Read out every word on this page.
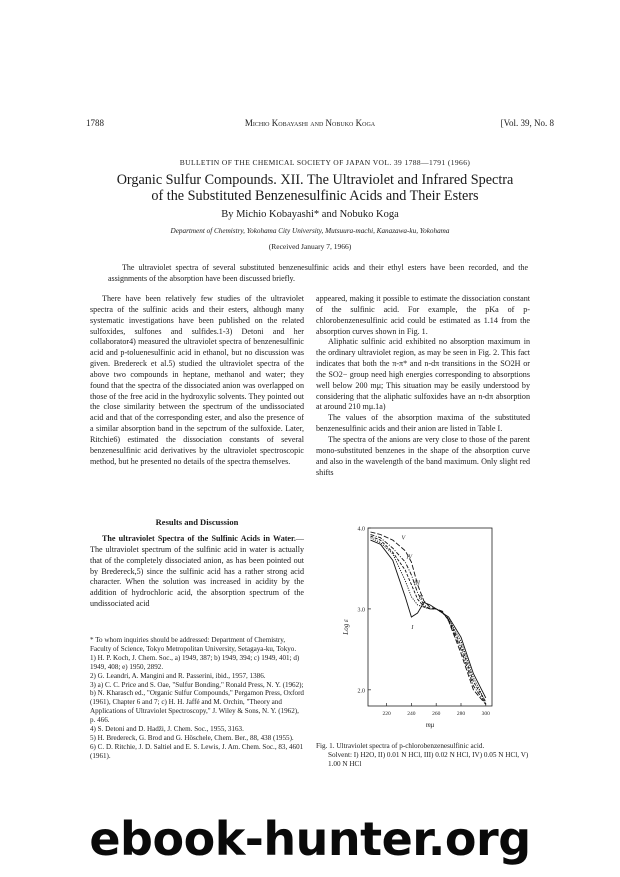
1788	Michio Kobayashi and Nobuko Koga	[Vol. 39, No. 8
BULLETIN OF THE CHEMICAL SOCIETY OF JAPAN VOL. 39 1788—1791 (1966)
Organic Sulfur Compounds. XII. The Ultraviolet and Infrared Spectra
of the Substituted Benzenesulfinic Acids and Their Esters
By Michio Kobayashi* and Nobuko Koga
Department of Chemistry, Yokohama City University, Mutsuura-machi, Kanazawa-ku, Yokohama
(Received January 7, 1966)
The ultraviolet spectra of several substituted benzenesulfinic acids and their ethyl esters have been recorded, and the assignments of the absorption have been discussed briefly.

There have been relatively few studies of the ultraviolet spectra of the sulfinic acids and their esters, although many systematic investigations have been published on the related sulfoxides, sulfones and sulfides.1-3) Detoni and her collaborator4) measured the ultraviolet spectra of benzenesulfinic acid and p-toluenesulfinic acid in ethanol, but no discussion was given. Bredereck et al.5) studied the ultraviolet spectra of the above two compounds in heptane, methanol and water; they found that the spectra of the dissociated anion was overlapped on those of the free acid in the hydroxylic solvents. They pointed out the close similarity between the spectrum of the undissociated acid and that of the corresponding ester, and also the presence of a similar absorption band in the sepctrum of the sulfoxide. Later, Ritchie6) estimated the dissociation constants of several benzenesulfinic acid derivatives by the ultraviolet spectroscopic method, but he presented no details of the spectra themselves.

Results and Discussion

The ultraviolet Spectra of the Sulfinic Acids in Water.—The ultraviolet spectrum of the sulfinic acid in water is actually that of the completely dissociated anion, as has been pointed out by Bredereck,5) since the sulfinic acid has a rather strong acid character. When the solution was increased in acidity by the addition of hydrochloric acid, the absorption spectrum of the undissociated acid

* To whom inquiries should be addressed: Department of Chemistry, Faculty of Science, Tokyo Metropolitan University, Setagaya-ku, Tokyo.
1) H. P. Koch, J. Chem. Soc., a) 1949, 387; b) 1949, 394; c) 1949, 401; d) 1949, 408; e) 1950, 2892.
2) G. Leandri, A. Mangini and R. Passerini, ibid., 1957, 1386.
3) a) C. C. Price and S. Oae, "Sulfur Bonding," Ronald Press, N. Y. (1962); b) N. Kharasch ed., "Organic Sulfur Compounds," Pergamon Press, Oxford (1961), Chapter 6 and 7; c) H. H. Jaffé and M. Orchin, "Theory and Applications of Ultraviolet Spectroscopy," J. Wiley & Sons, N. Y. (1962), p. 466.
4) S. Detoni and D. Hadži, J. Chem. Soc., 1955, 3163.
5) H. Bredereck, G. Brod and G. Höschele, Chem. Ber., 88, 438 (1955).
6) C. D. Ritchie, J. D. Saltiel and E. S. Lewis, J. Am. Chem. Soc., 83, 4601 (1961).

appeared, making it possible to estimate the dissociation constant of the sulfinic acid. For example, the pKa of p-chlorobenzenesulfinic acid could be estimated as 1.14 from the absorption curves shown in Fig. 1.

Aliphatic sulfinic acid exhibited no absorption maximum in the ordinary ultraviolet region, as may be seen in Fig. 2. This fact indicates that both the π-π* and n-dπ transitions in the SO2H or the SO2− group need high energies corresponding to absorptions well below 200 mμ; This situation may be easily understood by considering that the aliphatic sulfoxides have an n-dπ absorption at around 210 mμ.1a)

The values of the absorption maxima of the substituted benzenesulfinic acids and their anion are listed in Table I.

The spectra of the anions are very close to those of the parent mono-substituted benzenes in the shape of the absorption curve and also in the wavelength of the band maximum. Only slight red shifts

4.0
3.0
2.0
220	240	260	280	300
mμ
Log ε	I
II
III
IV
V
Fig. 1. Ultraviolet spectra of p-chlorobenzenesulfinic acid.
Solvent: I) H2O, II) 0.01 N HCl, III) 0.02 N HCl, IV) 0.05 N HCl, V) 1.00 N HCl
ebook-hunter.org
